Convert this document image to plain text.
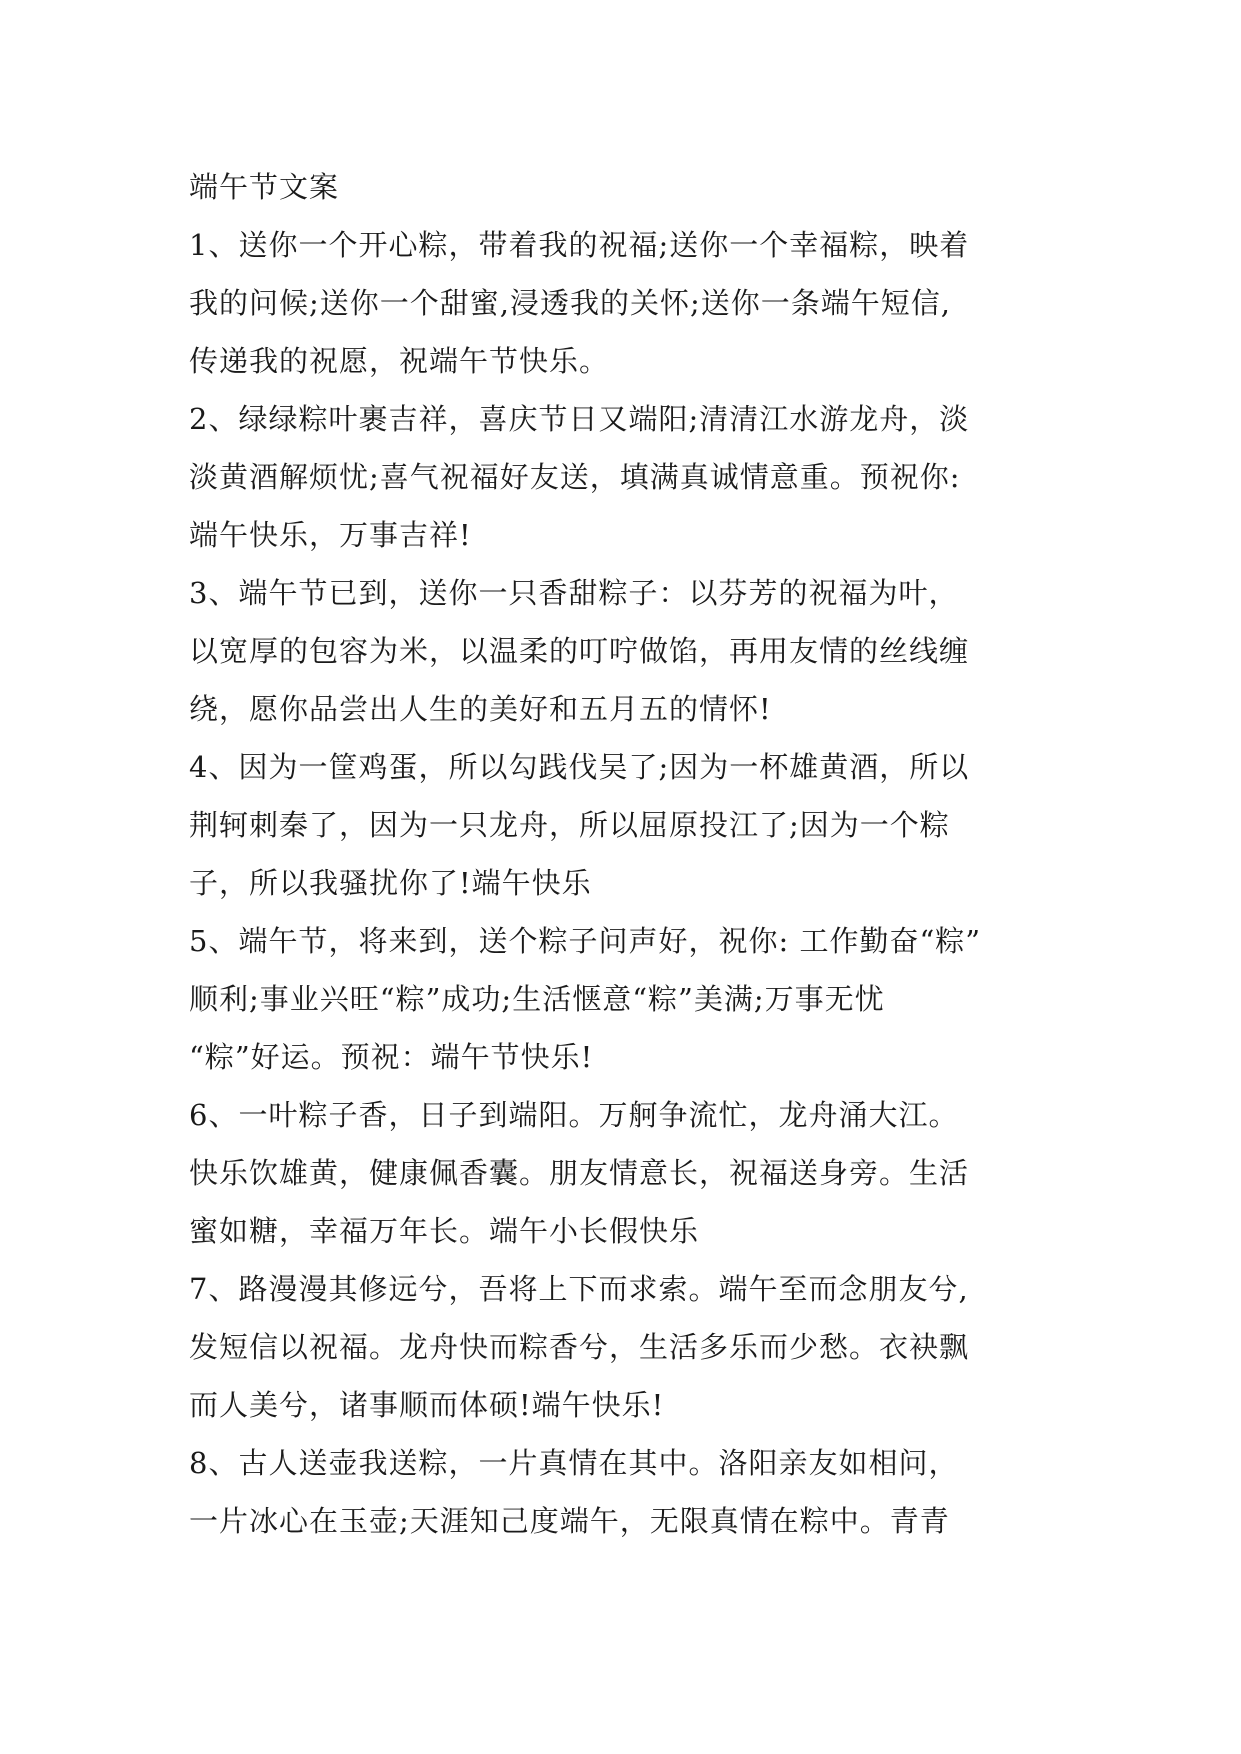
端午节文案

1、送你一个开心粽，带着我的祝福;送你一个幸福粽，映着
我的问候;送你一个甜蜜,浸透我的关怀;送你一条端午短信,
传递我的祝愿，祝端午节快乐。

2、绿绿粽叶裹吉祥，喜庆节日又端阳;清清江水游龙舟，淡
淡黄酒解烦忧;喜气祝福好友送，填满真诚情意重。预祝你:
端午快乐，万事吉祥!

3、端午节已到，送你一只香甜粽子：以芬芳的祝福为叶，
以宽厚的包容为米，以温柔的叮咛做馅，再用友情的丝线缠
绕，愿你品尝出人生的美好和五月五的情怀!

4、因为一筐鸡蛋，所以勾践伐吴了;因为一杯雄黄酒，所以
荆轲刺秦了，因为一只龙舟，所以屈原投江了;因为一个粽
子，所以我骚扰你了!端午快乐

5、端午节，将来到，送个粽子问声好，祝你: 工作勤奋“粽”
顺利;事业兴旺“粽”成功;生活惬意“粽”美满;万事无忧
“粽”好运。预祝：端午节快乐!

6、一叶粽子香，日子到端阳。万舸争流忙，龙舟涌大江。
快乐饮雄黄，健康佩香囊。朋友情意长，祝福送身旁。生活
蜜如糖，幸福万年长。端午小长假快乐

7、路漫漫其修远兮，吾将上下而求索。端午至而念朋友兮,
发短信以祝福。龙舟快而粽香兮，生活多乐而少愁。衣袂飘
而人美兮，诸事顺而体硕!端午快乐!

8、古人送壶我送粽，一片真情在其中。洛阳亲友如相问，
一片冰心在玉壶;天涯知己度端午，无限真情在粽中。青青
